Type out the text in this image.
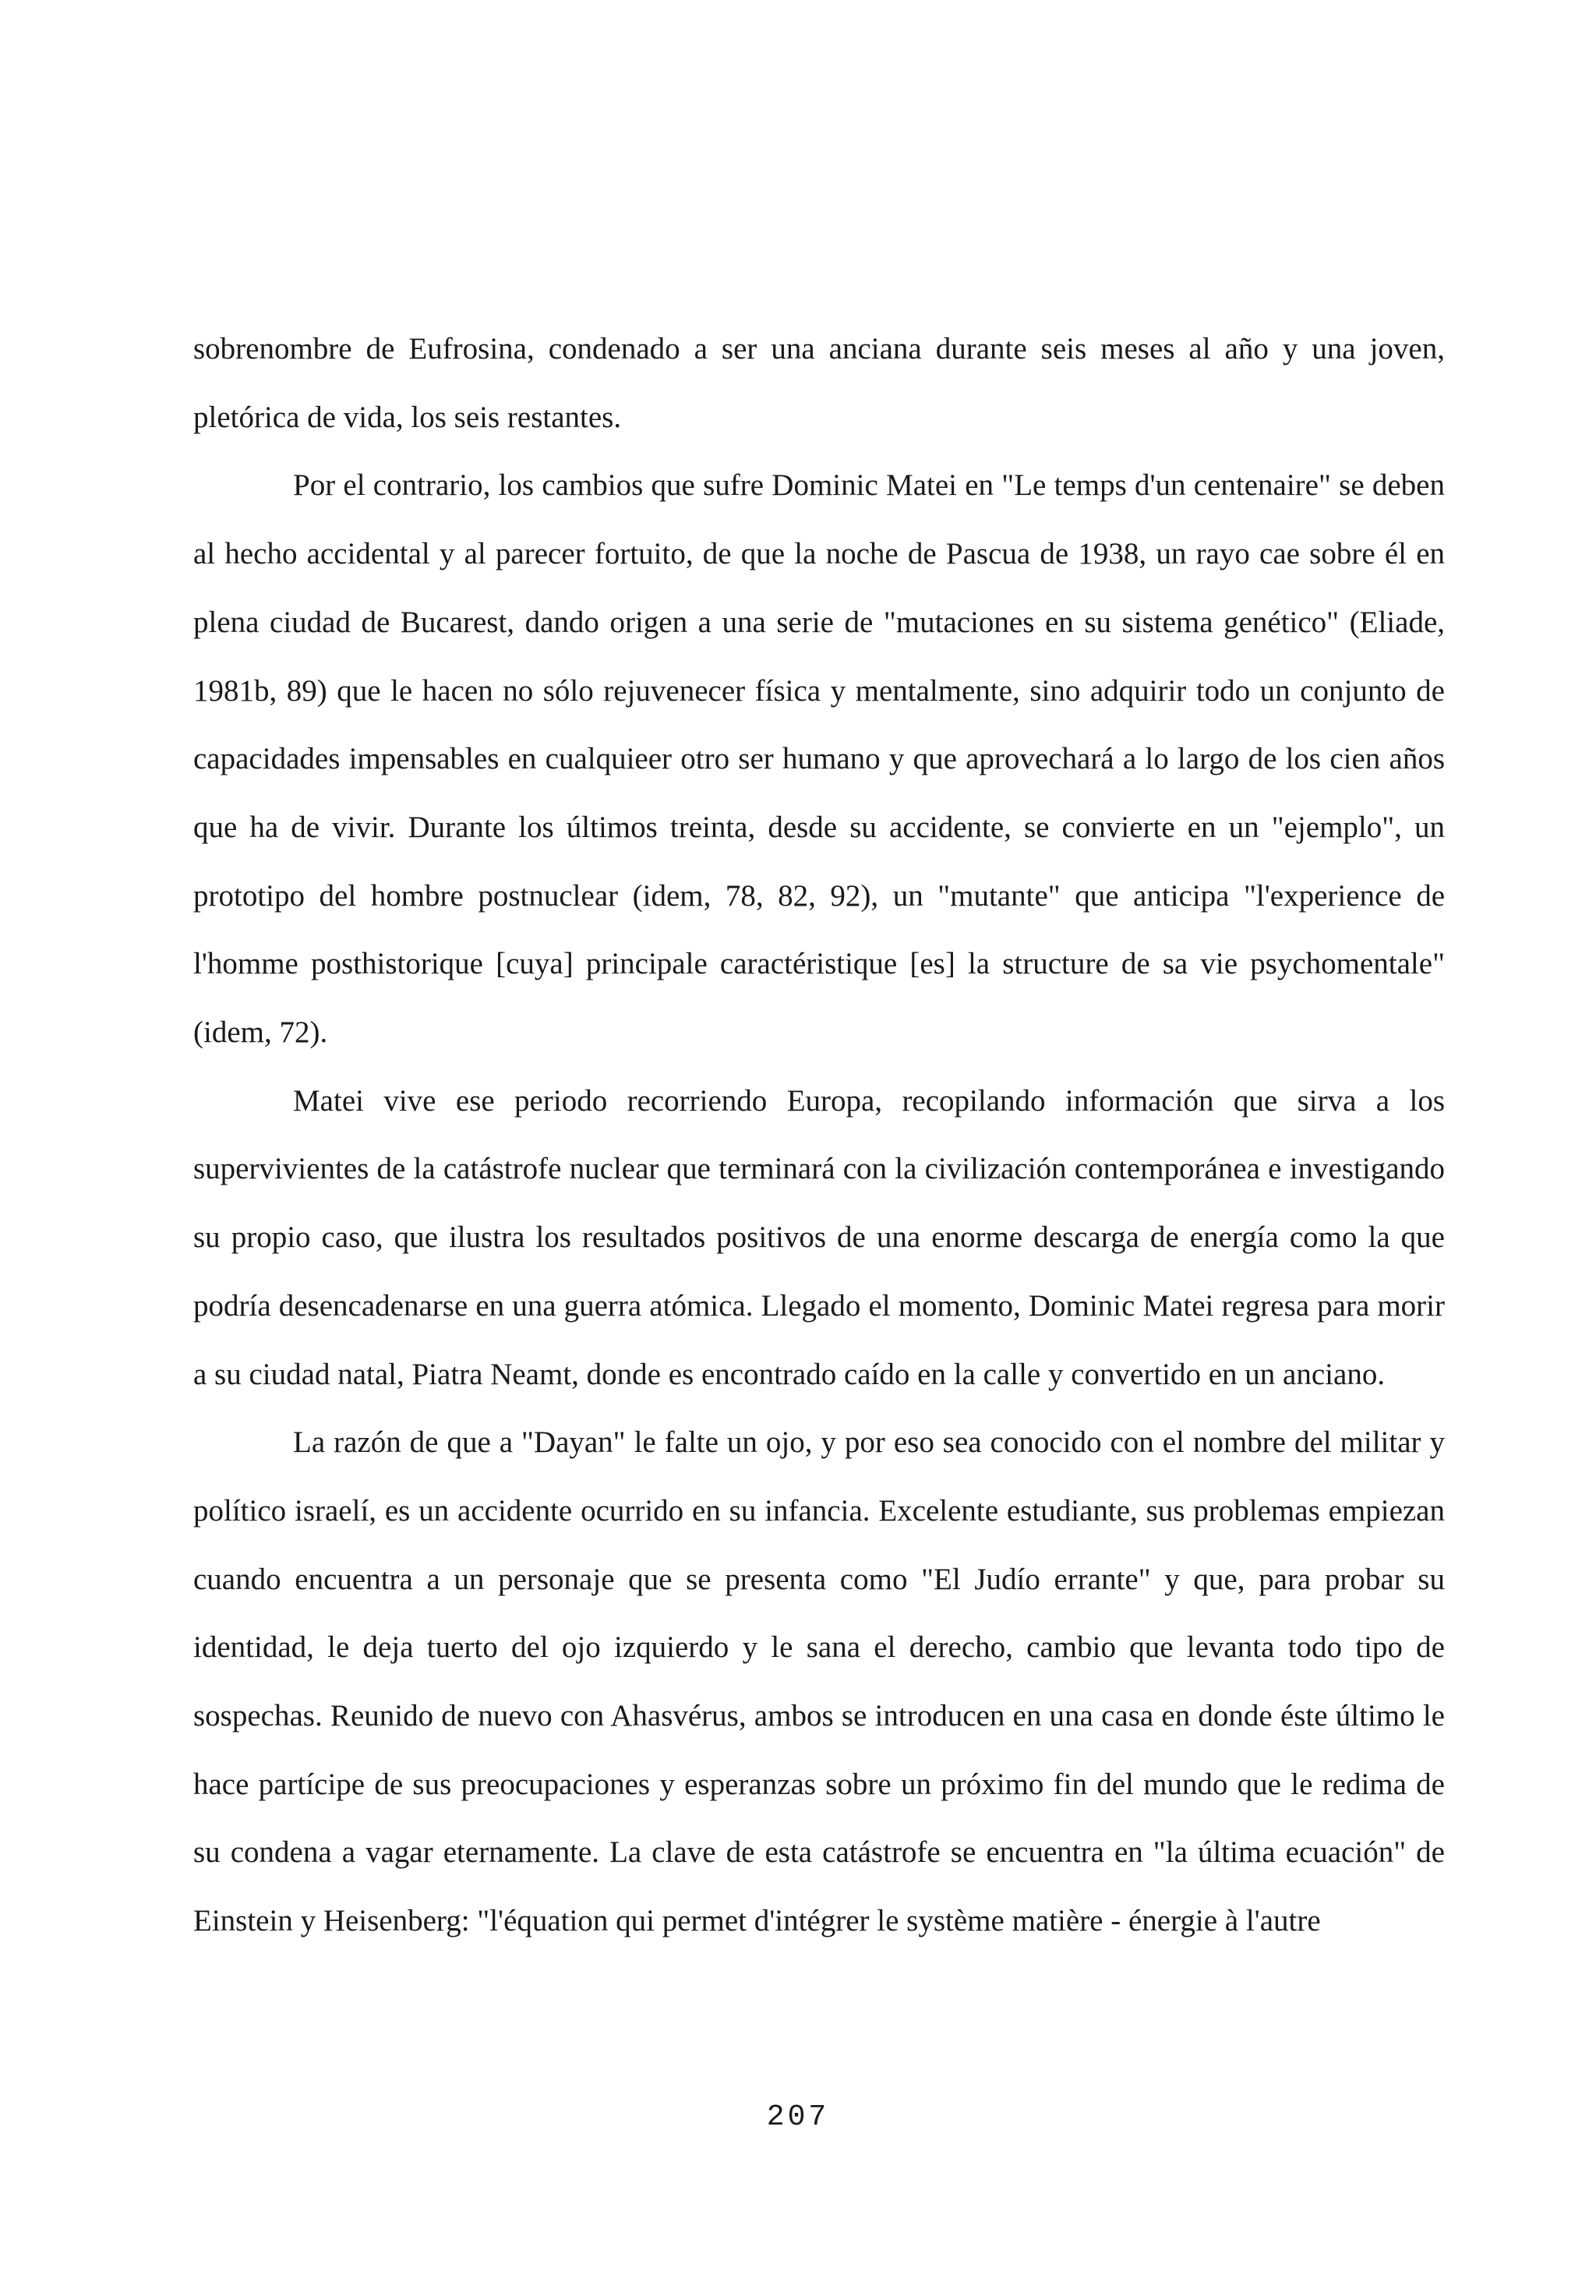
sobrenombre de Eufrosina, condenado a ser una anciana durante seis meses al año y una joven, pletórica de vida, los seis restantes.

Por el contrario, los cambios que sufre Dominic Matei en "Le temps d'un centenaire" se deben al hecho accidental y al parecer fortuito, de que la noche de Pascua de 1938, un rayo cae sobre él en plena ciudad de Bucarest, dando origen a una serie de "mutaciones en su sistema genético" (Eliade, 1981b, 89) que le hacen no sólo rejuvenecer física y mentalmente, sino adquirir todo un conjunto de capacidades impensables en cualquieer otro ser humano y que aprovechará a lo largo de los cien años que ha de vivir. Durante los últimos treinta, desde su accidente, se convierte en un "ejemplo", un prototipo del hombre postnuclear (idem, 78, 82, 92), un "mutante" que anticipa "l'experience de l'homme posthistorique [cuya] principale caractéristique [es] la structure de sa vie psychomentale" (idem, 72).

Matei vive ese periodo recorriendo Europa, recopilando información que sirva a los supervivientes de la catástrofe nuclear que terminará con la civilización contemporánea e investigando su propio caso, que ilustra los resultados positivos de una enorme descarga de energía como la que podría desencadenarse en una guerra atómica. Llegado el momento, Dominic Matei regresa para morir a su ciudad natal, Piatra Neamt, donde es encontrado caído en la calle y convertido en un anciano.

La razón de que a "Dayan" le falte un ojo, y por eso sea conocido con el nombre del militar y político israelí, es un accidente ocurrido en su infancia. Excelente estudiante, sus problemas empiezan cuando encuentra a un personaje que se presenta como "El Judío errante" y que, para probar su identidad, le deja tuerto del ojo izquierdo y le sana el derecho, cambio que levanta todo tipo de sospechas. Reunido de nuevo con Ahasvérus, ambos se introducen en una casa en donde éste último le hace partícipe de sus preocupaciones y esperanzas sobre un próximo fin del mundo que le redima de su condena a vagar eternamente. La clave de esta catástrofe se encuentra en "la última ecuación" de Einstein y Heisenberg: "l'équation qui permet d'intégrer le système matière - énergie à l'autre

207
